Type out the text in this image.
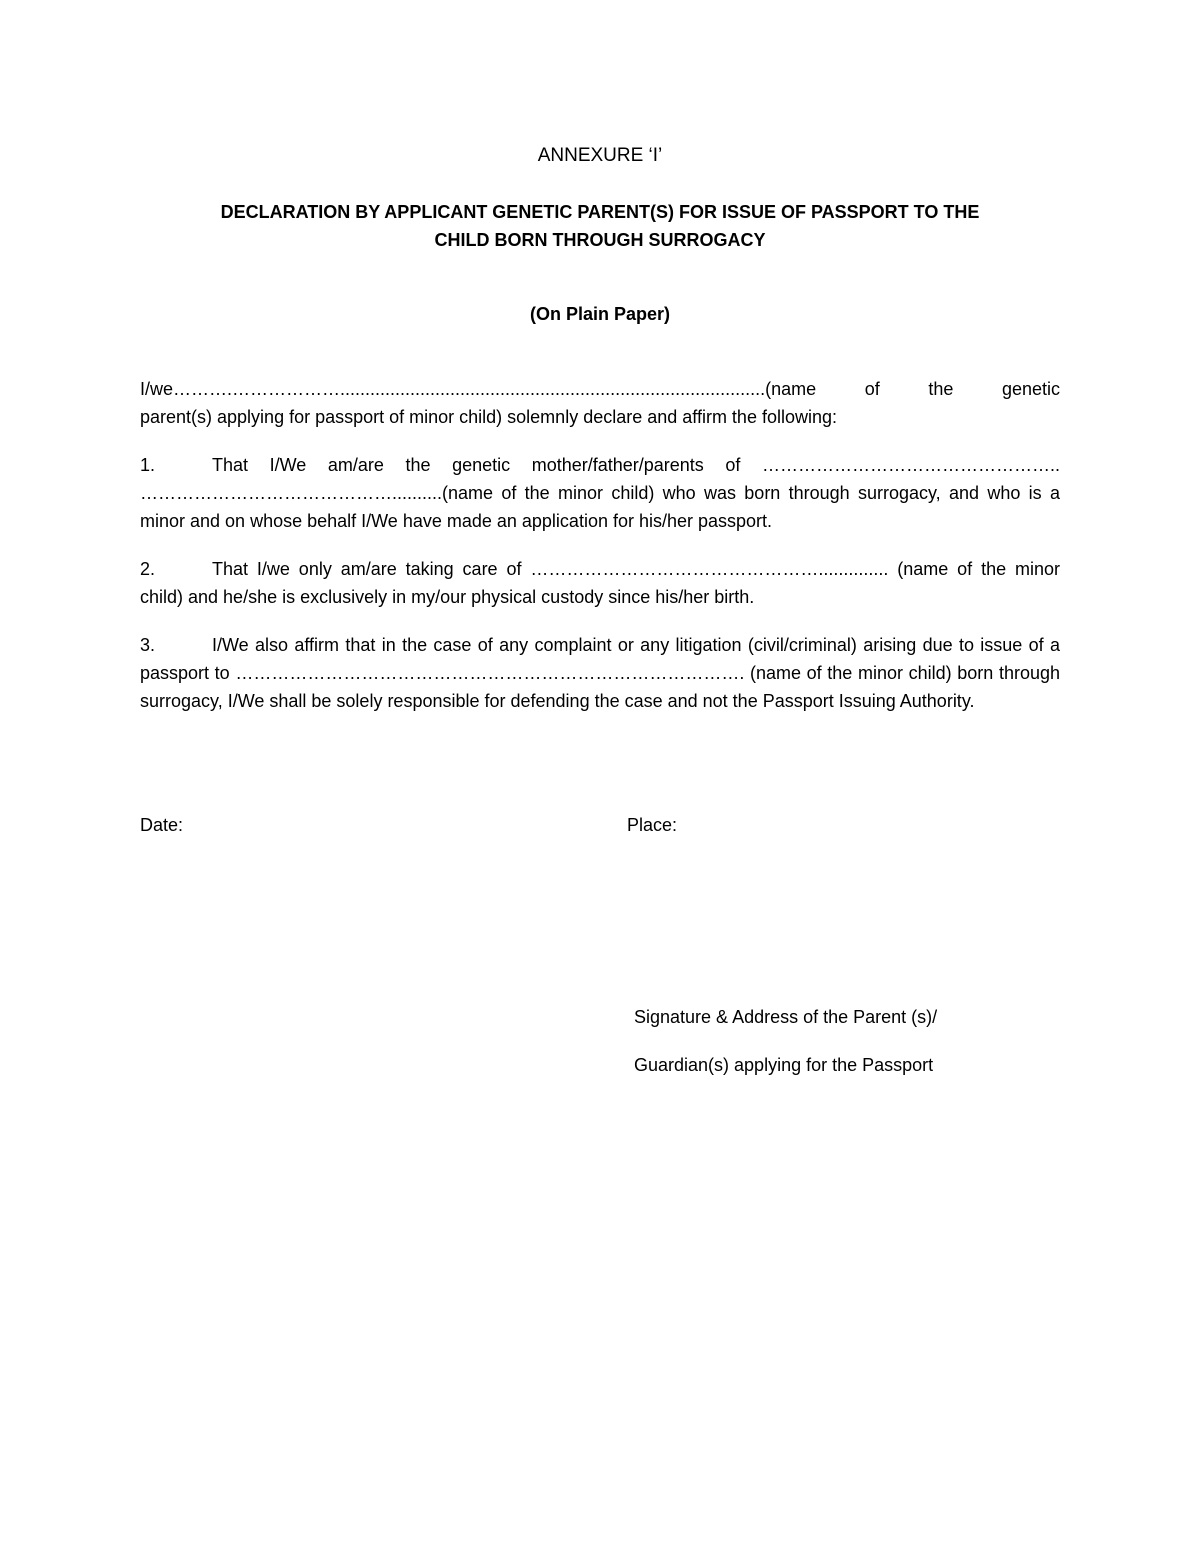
ANNEXURE ‘I’
DECLARATION BY APPLICANT GENETIC PARENT(S) FOR ISSUE OF PASSPORT TO THE
CHILD BORN THROUGH SURROGACY
(On Plain Paper)
I/we……….……………….....................................................................................(name of the genetic
parent(s) applying for passport of minor child) solemnly declare and affirm the following:
1.	That I/We am/are the genetic mother/father/parents of ………………………………………….. ……………………………………..........(name of the minor child) who was born through surrogacy, and who is a minor and on whose behalf I/We have made an application for his/her passport.
2.	That I/we only am/are taking care of ………………………………………….............. (name of the minor child) and he/she is exclusively in my/our physical custody since his/her birth.
3.	I/We also affirm that in the case of any complaint or any litigation (civil/criminal) arising due to issue of a passport to …………………………………………………………………………. (name of the minor child) born through surrogacy, I/We shall be solely responsible for defending the case and not the Passport Issuing Authority.
Date:	Place:
Signature & Address of the Parent (s)/
Guardian(s) applying for the Passport
